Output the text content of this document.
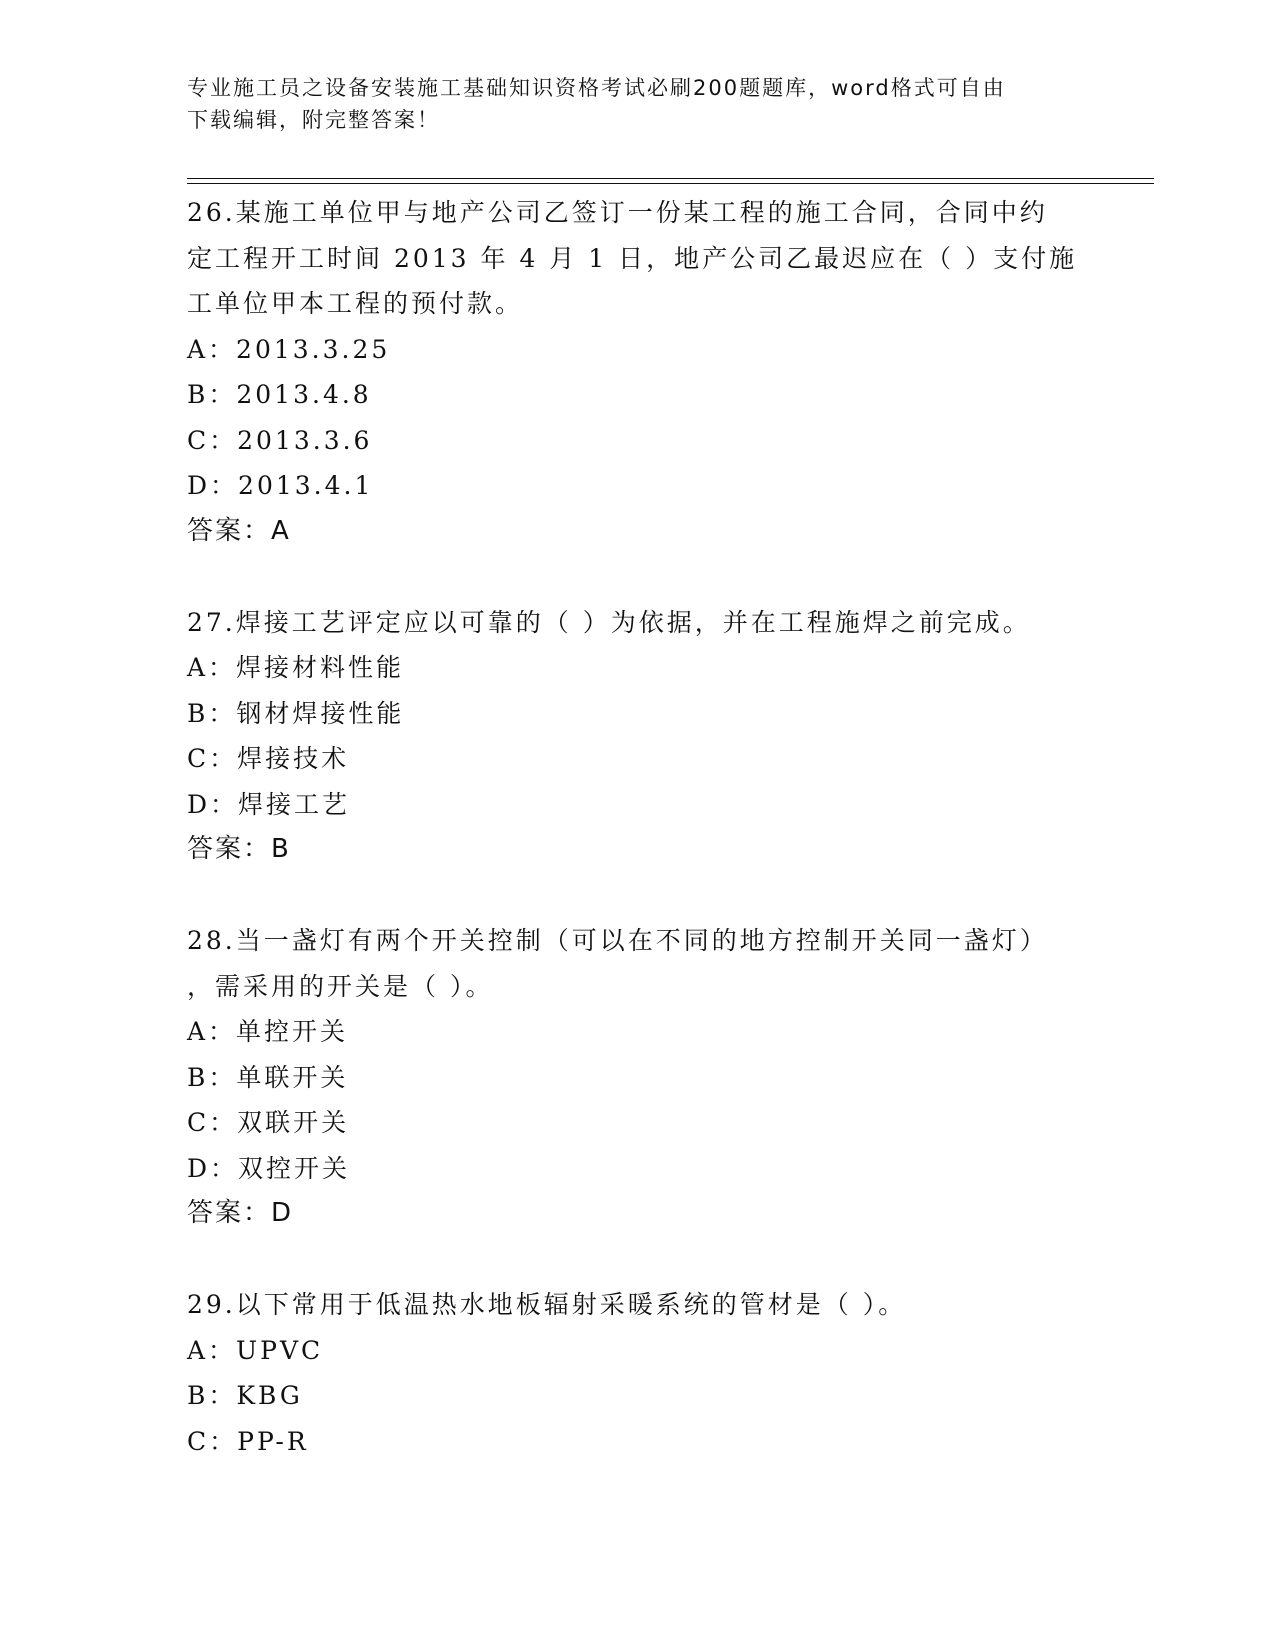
专业施工员之设备安装施工基础知识资格考试必刷200题题库，word格式可自由
下载编辑，附完整答案！
26.某施工单位甲与地产公司乙签订一份某工程的施工合同，合同中约
定工程开工时间 2013 年 4 月 1 日，地产公司乙最迟应在（ ）支付施
工单位甲本工程的预付款。
A：2013.3.25
B：2013.4.8
C：2013.3.6
D：2013.4.1
答案：A
27.焊接工艺评定应以可靠的（ ）为依据，并在工程施焊之前完成。
A：焊接材料性能
B：钢材焊接性能
C：焊接技术
D：焊接工艺
答案：B
28.当一盏灯有两个开关控制（可以在不同的地方控制开关同一盏灯）
，需采用的开关是（ ）。
A：单控开关
B：单联开关
C：双联开关
D：双控开关
答案：D
29.以下常用于低温热水地板辐射采暖系统的管材是（ ）。
A：UPVC
B：KBG
C：PP-R
